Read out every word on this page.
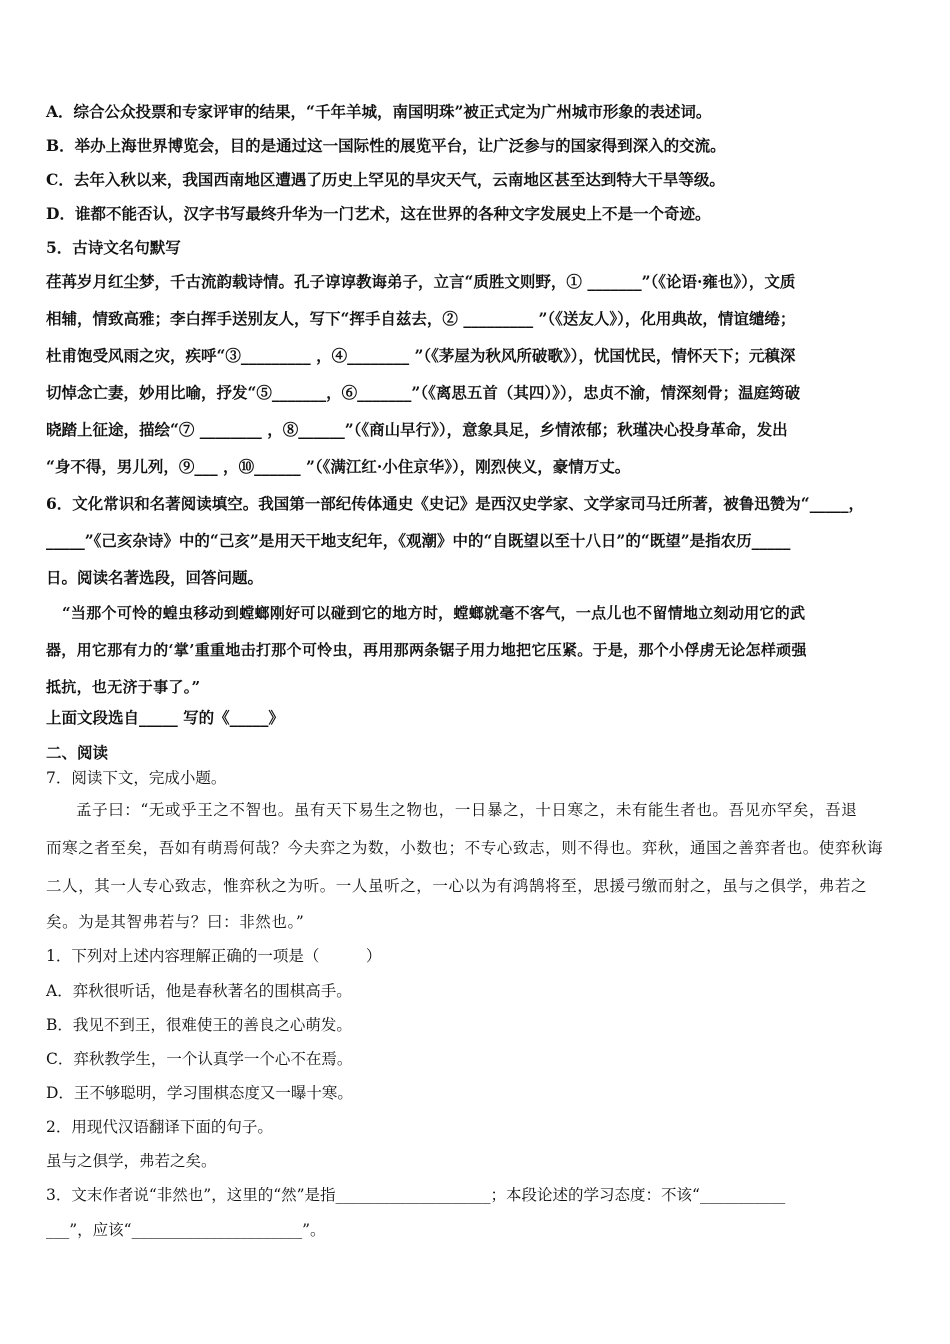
A．综合公众投票和专家评审的结果，“千年羊城，南国明珠”被正式定为广州城市形象的表述词。
B．举办上海世界博览会，目的是通过这一国际性的展览平台，让广泛参与的国家得到深入的交流。
C．去年入秋以来，我国西南地区遭遇了历史上罕见的旱灾天气，云南地区甚至达到特大干旱等级。
D．谁都不能否认，汉字书写最终升华为一门艺术，这在世界的各种文字发展史上不是一个奇迹。
5．古诗文名句默写
荏苒岁月红尘梦，千古流韵载诗情。孔子谆谆教诲弟子，立言“质胜文则野，① _______”（《论语·雍也》），文质
相辅，情致高雅；李白挥手送别友人，写下“挥手自兹去，② _________ ”（《送友人》），化用典故，情谊缱绻；
杜甫饱受风雨之灾，疾呼“③_________ ，④________ ”（《茅屋为秋风所破歌》），忧国忧民，情怀天下；元稹深
切悼念亡妻，妙用比喻，抒发“⑤_______，⑥_______”（《离思五首（其四）》），忠贞不渝，情深刻骨；温庭筠破
晓踏上征途，描绘“⑦ ________ ，⑧______”（《商山早行》），意象具足，乡情浓郁；秋瑾决心投身革命，发出
“身不得，男儿列，⑨___ ，⑩______ ”（《满江红·小住京华》），刚烈侠义，豪情万丈。
6．文化常识和名著阅读填空。我国第一部纪传体通史《史记》是西汉史学家、文学家司马迁所著，被鲁迅赞为“_____，
_____”《己亥杂诗》中的“己亥”是用天干地支纪年，《观潮》中的“自既望以至十八日”的“既望”是指农历_____
日。阅读名著选段，回答问题。
“当那个可怜的蝗虫移动到螳螂刚好可以碰到它的地方时，螳螂就毫不客气，一点儿也不留情地立刻动用它的武
器，用它那有力的‘掌’重重地击打那个可怜虫，再用那两条锯子用力地把它压紧。于是，那个小俘虏无论怎样顽强
抵抗，也无济于事了。”
上面文段选自_____ 写的《_____》
二、阅读
7．阅读下文，完成小题。
孟子曰：“无或乎王之不智也。虽有天下易生之物也，一日暴之，十日寒之，未有能生者也。吾见亦罕矣，吾退
而寒之者至矣，吾如有萌焉何哉？今夫弈之为数，小数也；不专心致志，则不得也。弈秋，通国之善弈者也。使弈秋诲
二人，其一人专心致志，惟弈秋之为听。一人虽听之，一心以为有鸿鹄将至，思援弓缴而射之，虽与之俱学，弗若之
矣。为是其智弗若与？曰：非然也。”
1．下列对上述内容理解正确的一项是（　　　）
A．弈秋很听话，他是春秋著名的围棋高手。
B．我见不到王，很难使王的善良之心萌发。
C．弈秋教学生，一个认真学一个心不在焉。
D．王不够聪明，学习围棋态度又一曝十寒。
2．用现代汉语翻译下面的句子。
虽与之俱学，弗若之矣。
3．文末作者说“非然也”，这里的“然”是指____________________；本段论述的学习态度：不该“___________
___”，应该“______________________”。
